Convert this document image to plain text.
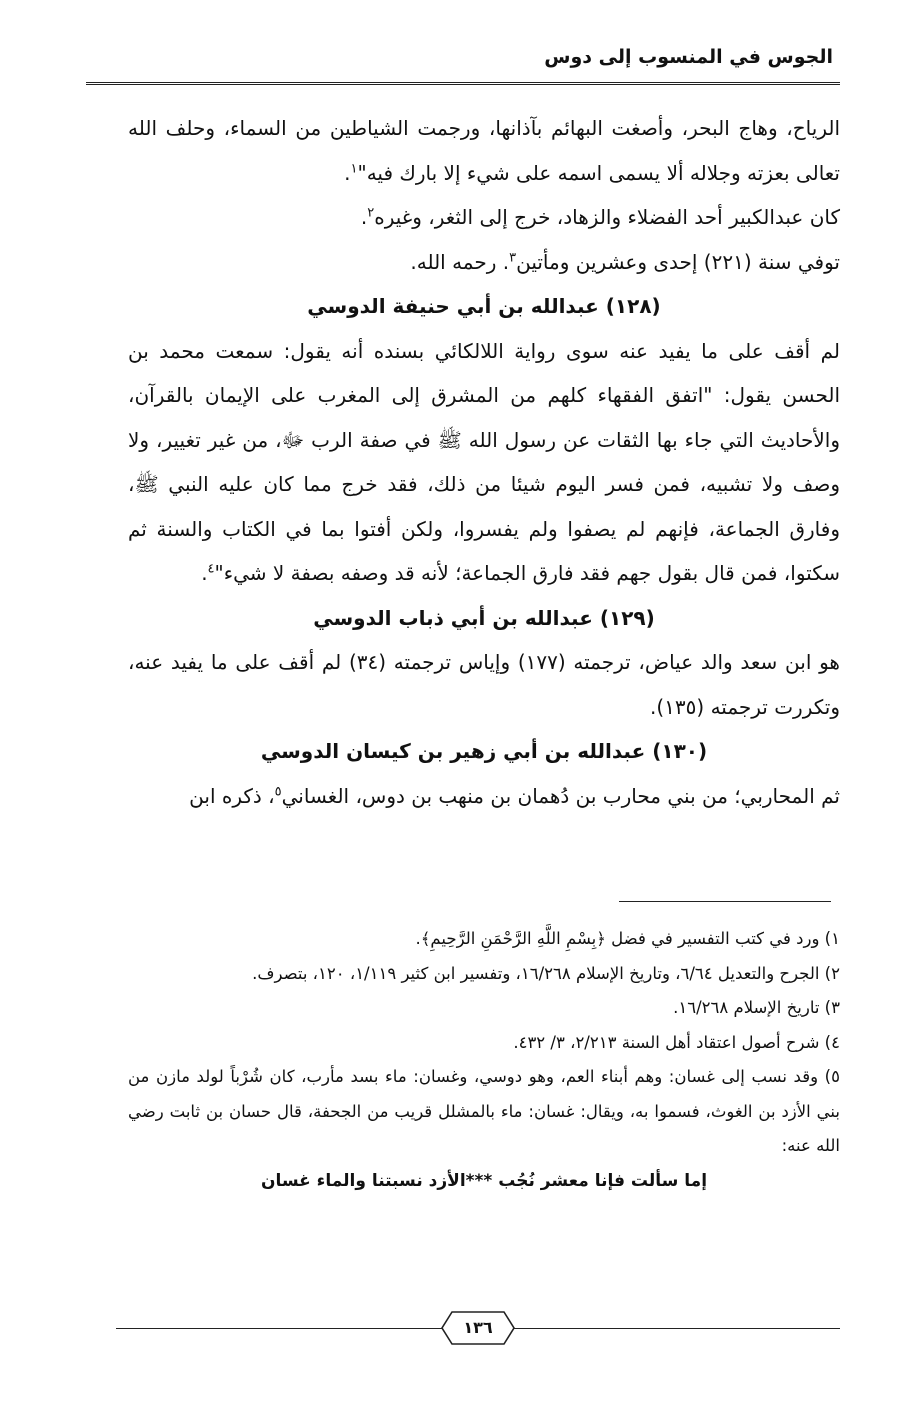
الجوس في المنسوب إلى دوس

الرياح، وهاج البحر، وأصغت البهائم بآذانها، ورجمت الشياطين من السماء، وحلف الله تعالى بعزته وجلاله ألا يسمى اسمه على شيء إلا بارك فيه"$^١$.

كان عبدالكبير أحد الفضلاء والزهاد، خرج إلى الثغر، وغيره$^٢$.

توفي سنة (٢٢١) إحدى وعشرين ومأتين$^٣$. رحمه الله.

(١٢٨) عبدالله بن أبي حنيفة الدوسي

لم أقف على ما يفيد عنه سوى رواية اللالكائي بسنده أنه يقول: سمعت محمد بن الحسن يقول: "اتفق الفقهاء كلهم من المشرق إلى المغرب على الإيمان بالقرآن، والأحاديث التي جاء بها الثقات عن رسول الله ﷺ في صفة الرب ﷻ، من غير تغيير، ولا وصف ولا تشبيه، فمن فسر اليوم شيئا من ذلك، فقد خرج مما كان عليه النبي ﷺ، وفارق الجماعة، فإنهم لم يصفوا ولم يفسروا، ولكن أفتوا بما في الكتاب والسنة ثم سكتوا، فمن قال بقول جهم فقد فارق الجماعة؛ لأنه قد وصفه بصفة لا شيء"$^٤$.

(١٢٩) عبدالله بن أبي ذباب الدوسي

هو ابن سعد والد عياض، ترجمته (١٧٧) وإياس ترجمته (٣٤) لم أقف على ما يفيد عنه، وتكررت ترجمته (١٣٥).

(١٣٠) عبدالله بن أبي زهير بن كيسان الدوسي

ثم المحاربي؛ من بني محارب بن دُهمان بن منهب بن دوس، الغساني$^٥$، ذكره ابن

١) ورد في كتب التفسير في فضل ﴿بِسْمِ اللَّهِ الرَّحْمَنِ الرَّحِيمِ﴾.

٢) الجرح والتعديل ٦/٦٤، وتاريخ الإسلام ١٦/٢٦٨، وتفسير ابن كثير ١/١١٩، ١٢٠، بتصرف.

٣) تاريخ الإسلام ١٦/٢٦٨.

٤) شرح أصول اعتقاد أهل السنة ٢/٢١٣، ٣/ ٤٣٢.

٥) وقد نسب إلى غسان: وهم أبناء العم، وهو دوسي، وغسان: ماء بسد مأرب، كان شُرْباً لولد مازن من بني الأزد بن الغوث، فسموا به، ويقال: غسان: ماء بالمشلل قريب من الجحفة، قال حسان بن ثابت رضي الله عنه:

إما سألت فإنا معشر نُجُب ***الأزد نسبتنا والماء غسان

١٣٦
